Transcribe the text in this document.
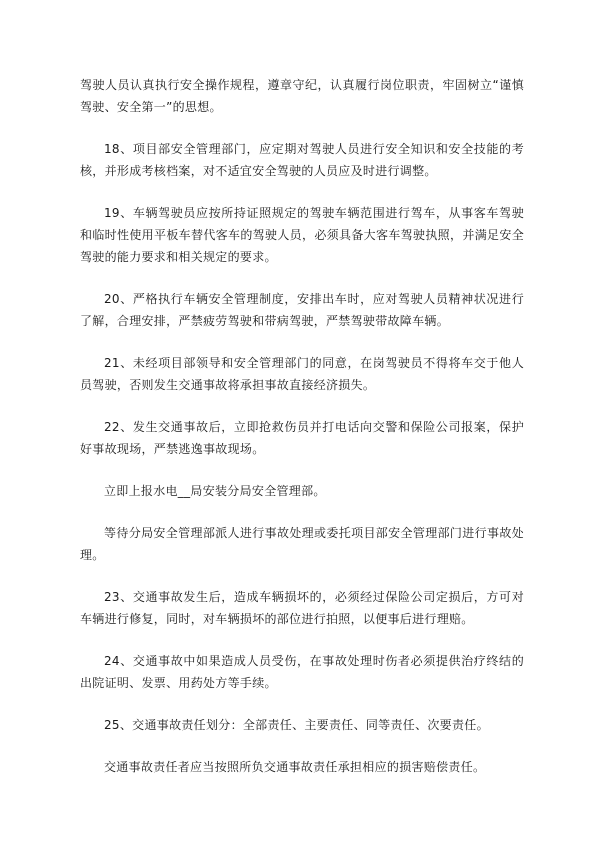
驾驶人员认真执行安全操作规程，遵章守纪，认真履行岗位职责，牢固树立“谨慎驾驶、安全第一”的思想。

18、项目部安全管理部门，应定期对驾驶人员进行安全知识和安全技能的考核，并形成考核档案，对不适宜安全驾驶的人员应及时进行调整。

19、车辆驾驶员应按所持证照规定的驾驶车辆范围进行驾车，从事客车驾驶和临时性使用平板车替代客车的驾驶人员，必须具备大客车驾驶执照，并满足安全驾驶的能力要求和相关规定的要求。

20、严格执行车辆安全管理制度，安排出车时，应对驾驶人员精神状况进行了解，合理安排，严禁疲劳驾驶和带病驾驶，严禁驾驶带故障车辆。

21、未经项目部领导和安全管理部门的同意，在岗驾驶员不得将车交于他人员驾驶，否则发生交通事故将承担事故直接经济损失。

22、发生交通事故后，立即抢救伤员并打电话向交警和保险公司报案，保护好事故现场，严禁逃逸事故现场。

立即上报水电__局安装分局安全管理部。

等待分局安全管理部派人进行事故处理或委托项目部安全管理部门进行事故处理。

23、交通事故发生后，造成车辆损坏的，必须经过保险公司定损后，方可对车辆进行修复，同时，对车辆损坏的部位进行拍照，以便事后进行理赔。

24、交通事故中如果造成人员受伤，在事故处理时伤者必须提供治疗终结的出院证明、发票、用药处方等手续。

25、交通事故责任划分：全部责任、主要责任、同等责任、次要责任。

交通事故责任者应当按照所负交通事故责任承担相应的损害赔偿责任。
